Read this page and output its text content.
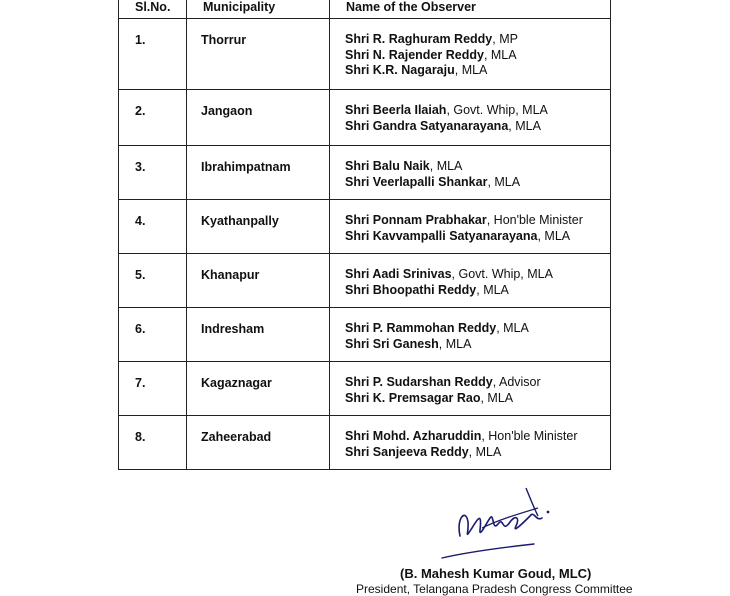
Sl.No.	Municipality	Name of the Observer

1.	Thorrur	Shri R. Raghuram Reddy, MP
Shri N. Rajender Reddy, MLA
Shri K.R. Nagaraju, MLA

2.	Jangaon	Shri Beerla Ilaiah, Govt. Whip, MLA
Shri Gandra Satyanarayana, MLA

3.	Ibrahimpatnam	Shri Balu Naik, MLA
Shri Veerlapalli Shankar, MLA

4.	Kyathanpally	Shri Ponnam Prabhakar, Hon'ble Minister
Shri Kavvampalli Satyanarayana, MLA

5.	Khanapur	Shri Aadi Srinivas, Govt. Whip, MLA
Shri Bhoopathi Reddy, MLA

6.	Indresham	Shri P. Rammohan Reddy, MLA
Shri Sri Ganesh, MLA

7.	Kagaznagar	Shri P. Sudarshan Reddy, Advisor
Shri K. Premsagar Rao, MLA

8.	Zaheerabad	Shri Mohd. Azharuddin, Hon'ble Minister
Shri Sanjeeva Reddy, MLA
(B. Mahesh Kumar Goud, MLC)
President, Telangana Pradesh Congress Committee
